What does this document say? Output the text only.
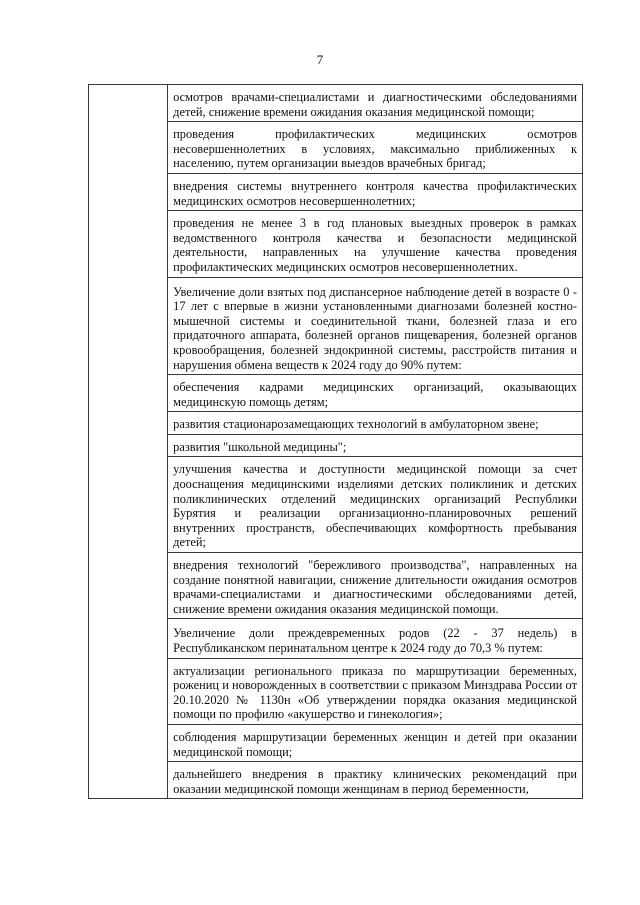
7

осмотров врачами-специалистами и диагностическими обследованиями детей, снижение времени ожидания оказания медицинской помощи;
проведения профилактических медицинских осмотров несовершеннолетних в условиях, максимально приближенных к населению, путем организации выездов врачебных бригад;
внедрения системы внутреннего контроля качества профилактических медицинских осмотров несовершеннолетних;
проведения не менее 3 в год плановых выездных проверок в рамках ведомственного контроля качества и безопасности медицинской деятельности, направленных на улучшение качества проведения профилактических медицинских осмотров несовершеннолетних.
Увеличение доли взятых под диспансерное наблюдение детей в возрасте 0 - 17 лет с впервые в жизни установленными диагнозами болезней костно-мышечной системы и соединительной ткани, болезней глаза и его придаточного аппарата, болезней органов пищеварения, болезней органов кровообращения, болезней эндокринной системы, расстройств питания и нарушения обмена веществ к 2024 году до 90% путем:
обеспечения кадрами медицинских организаций, оказывающих медицинскую помощь детям;
развития стационарозамещающих технологий в амбулаторном звене;
развития "школьной медицины";
улучшения качества и доступности медицинской помощи за счет дооснащения медицинскими изделиями детских поликлиник и детских поликлинических отделений медицинских организаций Республики Бурятия и реализации организационно-планировочных решений внутренних пространств, обеспечивающих комфортность пребывания детей;
внедрения технологий "бережливого производства", направленных на создание понятной навигации, снижение длительности ожидания осмотров врачами-специалистами и диагностическими обследованиями детей, снижение времени ожидания оказания медицинской помощи.
Увеличение доли преждевременных родов (22 - 37 недель) в Республиканском перинатальном центре к 2024 году до 70,3 % путем:
актуализации регионального приказа по маршрутизации беременных, рожениц и новорожденных в соответствии с приказом Минздрава России от 20.10.2020 № 1130н «Об утверждении порядка оказания медицинской помощи по профилю «акушерство и гинекология»;
соблюдения маршрутизации беременных женщин и детей при оказании медицинской помощи;
дальнейшего внедрения в практику клинических рекомендаций при оказании медицинской помощи женщинам в период беременности,
